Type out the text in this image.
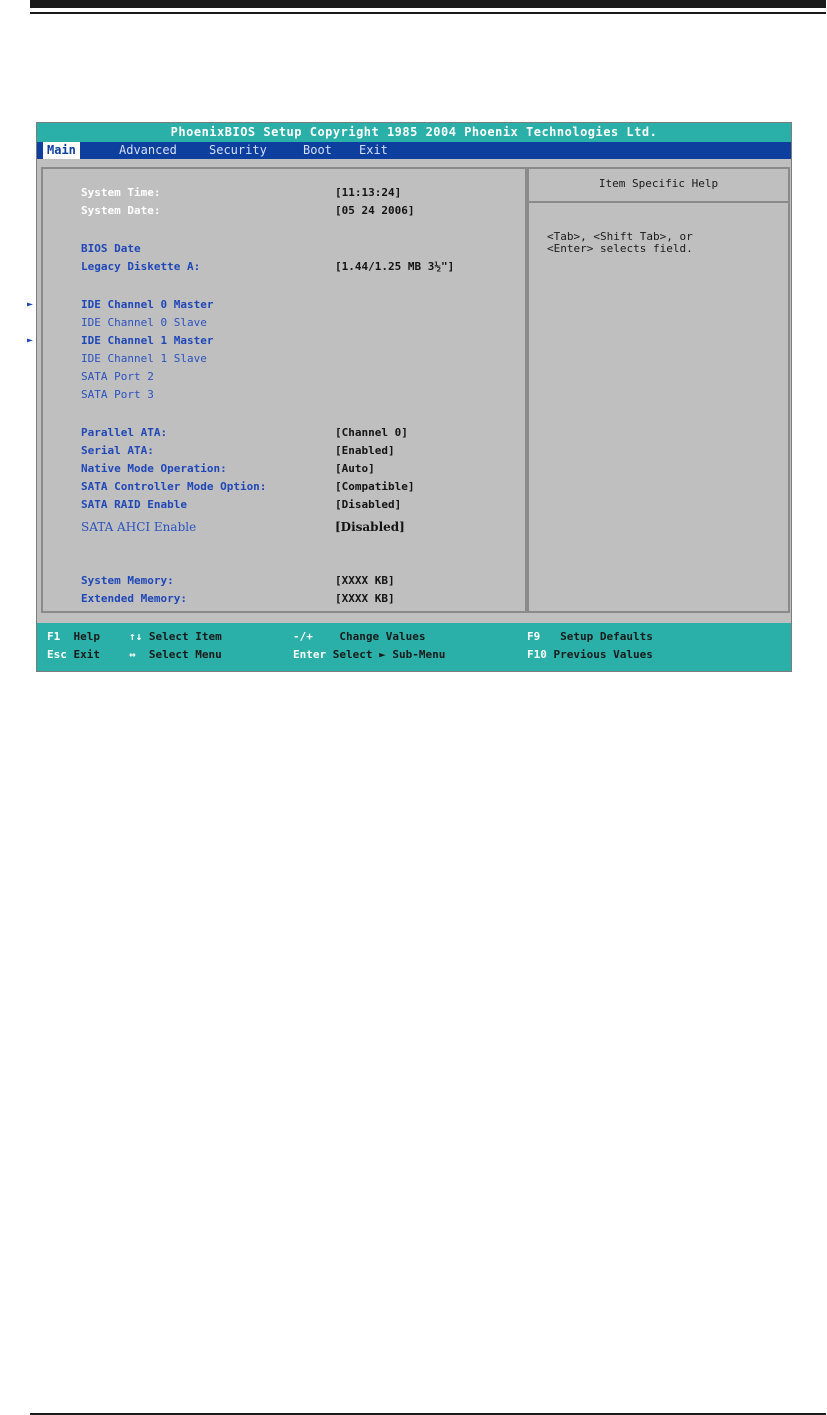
PhoenixBIOS Setup Copyright 1985 2004 Phoenix Technologies Ltd.
Main	Advanced	Security	Boot	Exit
System Time:	[11:13:24]
System Date:	[05 24 2006]
BIOS Date
Legacy Diskette A:	[1.44/1.25 MB 3½"]
►	IDE Channel 0 Master
IDE Channel 0 Slave
►	IDE Channel 1 Master
IDE Channel 1 Slave
SATA Port 2
SATA Port 3
Parallel ATA:	[Channel 0]
Serial ATA:	[Enabled]
Native Mode Operation:	[Auto]
SATA Controller Mode Option:	[Compatible]
SATA RAID Enable	[Disabled]
SATA AHCI Enable	[Disabled]
System Memory:	[XXXX KB]
Extended Memory:	[XXXX KB]
Item Specific Help
<Tab>, <Shift Tab>, or
<Enter> selects field.
F1 Help	↑↓ Select Item	-/+ Change Values	F9 Setup Defaults
Esc Exit	↔ Select Menu	Enter Select ► Sub-Menu	F10 Previous Values
